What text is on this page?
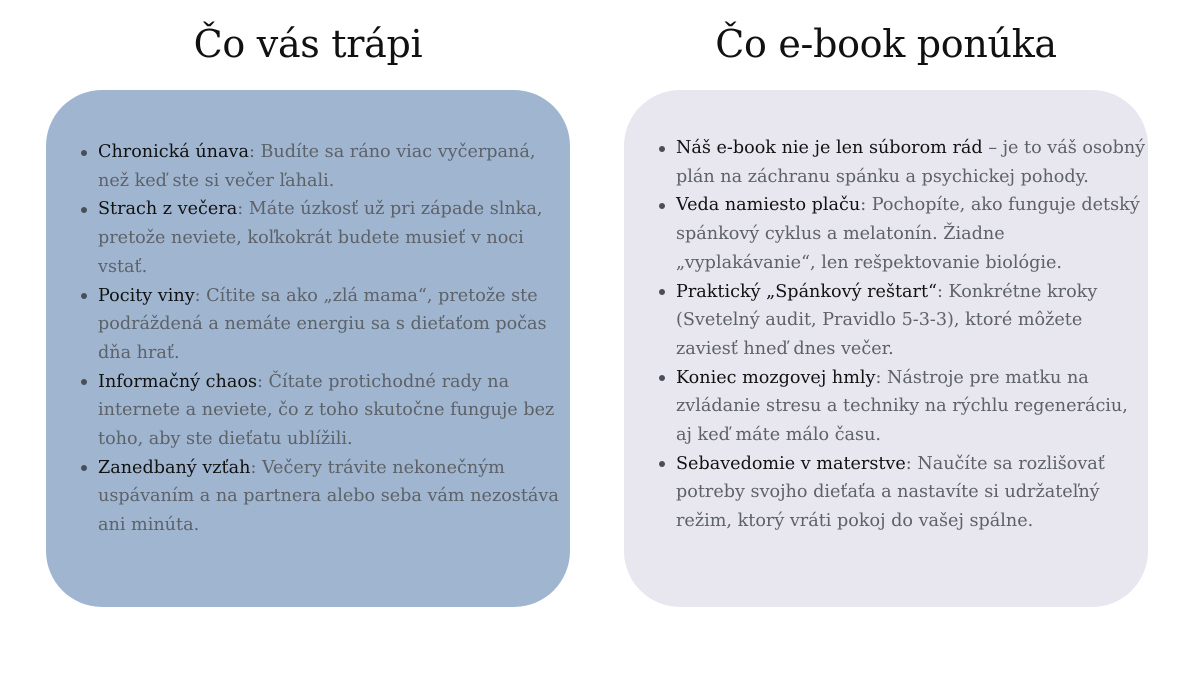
Čo vás trápi	Čo e-book ponúka
Chronická únava: Budíte sa ráno viac vyčerpaná, než keď ste si večer ľahali.
Strach z večera: Máte úzkosť už pri západe slnka, pretože neviete, koľkokrát budete musieť v noci vstať.
Pocity viny: Cítite sa ako „zlá mama“, pretože ste podráždená a nemáte energiu sa s dieťaťom počas dňa hrať.
Informačný chaos: Čítate protichodné rady na internete a neviete, čo z toho skutočne funguje bez toho, aby ste dieťatu ublížili.
Zanedbaný vzťah: Večery trávite nekonečným uspávaním a na partnera alebo seba vám nezostáva ani minúta.
Náš e-book nie je len súborom rád – je to váš osobný plán na záchranu spánku a psychickej pohody.
Veda namiesto plaču: Pochopíte, ako funguje detský spánkový cyklus a melatonín. Žiadne „vyplakávanie“, len rešpektovanie biológie.
Praktický „Spánkový reštart“: Konkrétne kroky (Svetelný audit, Pravidlo 5-3-3), ktoré môžete zaviesť hneď dnes večer.
Koniec mozgovej hmly: Nástroje pre matku na zvládanie stresu a techniky na rýchlu regeneráciu, aj keď máte málo času.
Sebavedomie v materstve: Naučíte sa rozlišovať potreby svojho dieťaťa a nastavíte si udržateľný režim, ktorý vráti pokoj do vašej spálne.
